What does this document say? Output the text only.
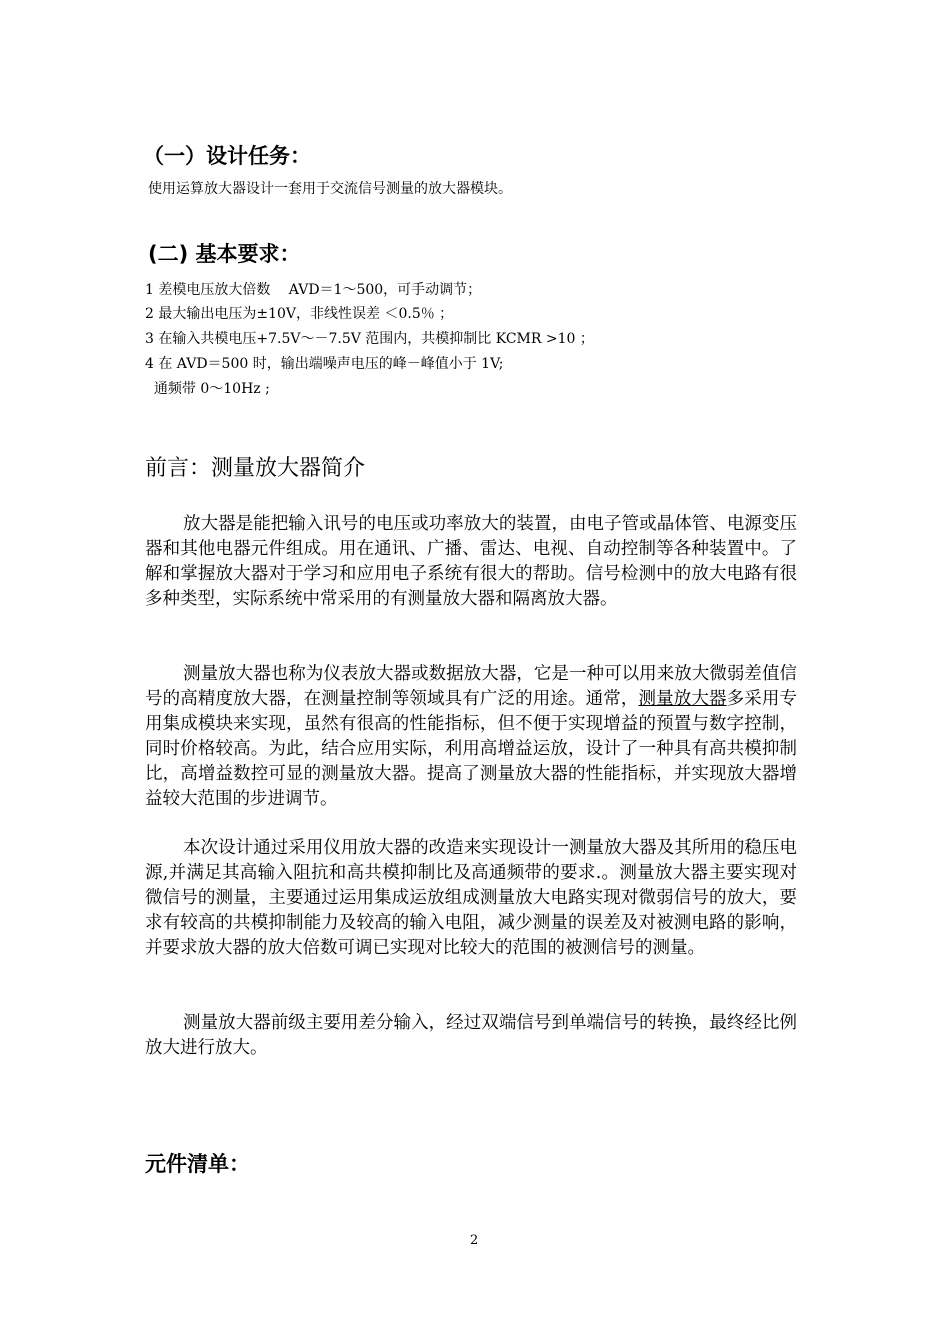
（一）设计任务：
使用运算放大器设计一套用于交流信号测量的放大器模块。
(二) 基本要求：
1 差模电压放大倍数　 AVD＝1～500，可手动调节；
2 最大输出电压为±10V，非线性误差 ＜0.5％ ；
3 在输入共模电压+7.5V～－7.5V 范围内，共模抑制比 KCMR >10 ；
4 在 AVD＝500 时，输出端噪声电压的峰－峰值小于 1V;
通频带 0～10Hz ;
前言：测量放大器简介
放大器是能把输入讯号的电压或功率放大的装置，由电子管或晶体管、电源变压器和其他电器元件组成。用在通讯、广播、雷达、电视、自动控制等各种装置中。了解和掌握放大器对于学习和应用电子系统有很大的帮助。信号检测中的放大电路有很多种类型，实际系统中常采用的有测量放大器和隔离放大器。
测量放大器也称为仪表放大器或数据放大器，它是一种可以用来放大微弱差值信号的高精度放大器，在测量控制等领域具有广泛的用途。通常，测量放大器多采用专用集成模块来实现，虽然有很高的性能指标，但不便于实现增益的预置与数字控制，同时价格较高。为此，结合应用实际，利用高增益运放，设计了一种具有高共模抑制比，高增益数控可显的测量放大器。提高了测量放大器的性能指标，并实现放大器增益较大范围的步进调节。
本次设计通过采用仪用放大器的改造来实现设计一测量放大器及其所用的稳压电源,并满足其高输入阻抗和高共模抑制比及高通频带的要求.。测量放大器主要实现对微信号的测量，主要通过运用集成运放组成测量放大电路实现对微弱信号的放大，要求有较高的共模抑制能力及较高的输入电阻，减少测量的误差及对被测电路的影响，并要求放大器的放大倍数可调已实现对比较大的范围的被测信号的测量。
测量放大器前级主要用差分输入，经过双端信号到单端信号的转换，最终经比例放大进行放大。
元件清单：
2
